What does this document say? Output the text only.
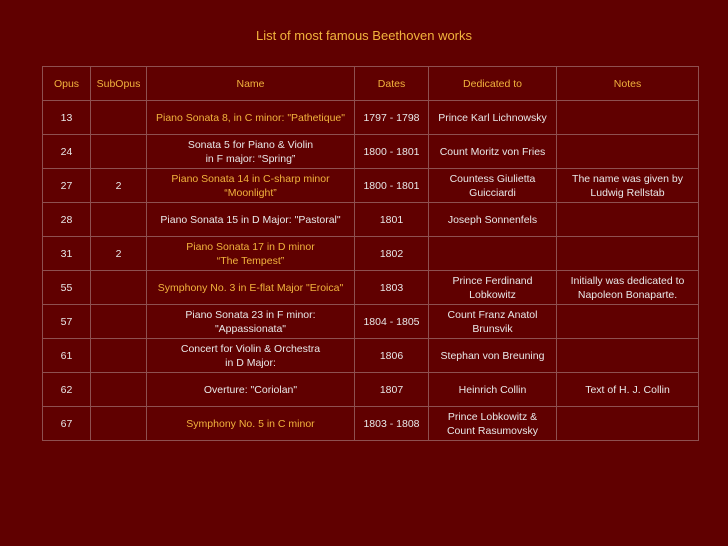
List of most famous Beethoven works
Opus	SubOpus	Name	Dates	Dedicated to	Notes
13		Piano Sonata 8, in C minor: "Pathetique"	1797 - 1798	Prince Karl Lichnowsky	

24		Sonata 5 for Piano & Violin
in F major: “Spring”	1800 - 1801	Count Moritz von Fries	

27	2	Piano Sonata 14 in C-sharp minor
“Moonlight”	1800 - 1801	Countess Giulietta
Guicciardi	The name was given by
Ludwig Rellstab

28		Piano Sonata 15 in D Major: "Pastoral"	1801	Joseph Sonnenfels	

31	2	Piano Sonata 17 in D minor
“The Tempest”	1802		
55		Symphony No. 3 in E-flat Major "Eroica"	1803	Prince Ferdinand
Lobkowitz	Initially was dedicated to
Napoleon Bonaparte.

57		Piano Sonata 23 in F minor:
"Appassionata"	1804 - 1805	Count Franz Anatol
Brunsvik	

61		Concert for Violin & Orchestra
in D Major:	1806	Stephan von Breuning	

62		Overture: "Coriolan"	1807	Heinrich Collin	Text of H. J. Collin

67		Symphony No. 5 in C minor	1803 - 1808	Prince Lobkowitz &
Count Rasumovsky	
